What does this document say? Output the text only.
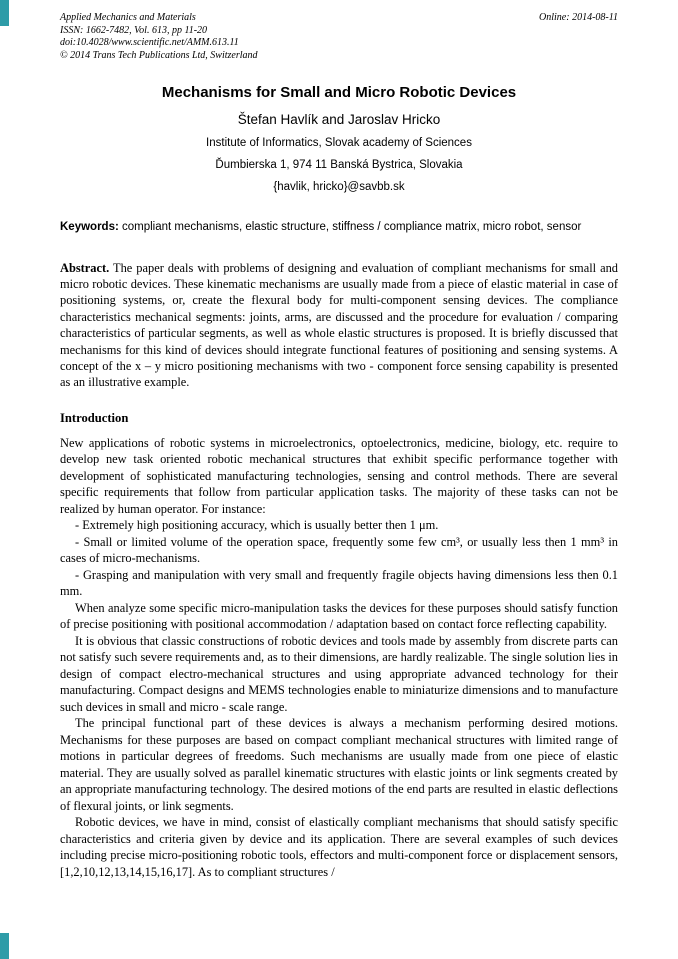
Applied Mechanics and Materials
ISSN: 1662-7482, Vol. 613, pp 11-20
doi:10.4028/www.scientific.net/AMM.613.11
© 2014 Trans Tech Publications Ltd, Switzerland
Online: 2014-08-11
Mechanisms for Small and Micro Robotic Devices
Štefan Havlík and Jaroslav Hricko
Institute of Informatics, Slovak academy of Sciences
Ďumbierska 1, 974 11 Banská Bystrica, Slovakia
{havlik, hricko}@savbb.sk

Keywords: compliant mechanisms, elastic structure, stiffness / compliance matrix, micro robot, sensor

Abstract. The paper deals with problems of designing and evaluation of compliant mechanisms for small and micro robotic devices. These kinematic mechanisms are usually made from a piece of elastic material in case of positioning systems, or, create the flexural body for multi-component sensing devices. The compliance characteristics mechanical segments: joints, arms, are discussed and the procedure for evaluation / comparing characteristics of particular segments, as well as whole elastic structures is proposed. It is briefly discussed that mechanisms for this kind of devices should integrate functional features of positioning and sensing systems. A concept of the x – y micro positioning mechanisms with two - component force sensing capability is presented as an illustrative example.

Introduction

New applications of robotic systems in microelectronics, optoelectronics, medicine, biology, etc. require to develop new task oriented robotic mechanical structures that exhibit specific performance together with development of sophisticated manufacturing technologies, sensing and control methods. There are several specific requirements that follow from particular application tasks. The majority of these tasks can not be realized by human operator. For instance:

- Extremely high positioning accuracy, which is usually better then 1 μm.

- Small or limited volume of the operation space, frequently some few cm³, or usually less then 1 mm³ in cases of micro-mechanisms.

- Grasping and manipulation with very small and frequently fragile objects having dimensions less then 0.1 mm.

When analyze some specific micro-manipulation tasks the devices for these purposes should satisfy function of precise positioning with positional accommodation / adaptation based on contact force reflecting capability.

It is obvious that classic constructions of robotic devices and tools made by assembly from discrete parts can not satisfy such severe requirements and, as to their dimensions, are hardly realizable. The single solution lies in design of compact electro-mechanical structures and using appropriate advanced technology for their manufacturing. Compact designs and MEMS technologies enable to miniaturize dimensions and to manufacture such devices in small and micro - scale range.

The principal functional part of these devices is always a mechanism performing desired motions. Mechanisms for these purposes are based on compact compliant mechanical structures with limited range of motions in particular degrees of freedoms. Such mechanisms are usually made from one piece of elastic material. They are usually solved as parallel kinematic structures with elastic joints or link segments created by an appropriate manufacturing technology. The desired motions of the end parts are resulted in elastic deflections of flexural joints, or link segments.

Robotic devices, we have in mind, consist of elastically compliant mechanisms that should satisfy specific characteristics and criteria given by device and its application. There are several examples of such devices including precise micro-positioning robotic tools, effectors and multi-component force or displacement sensors, [1,2,10,12,13,14,15,16,17]. As to compliant structures /
